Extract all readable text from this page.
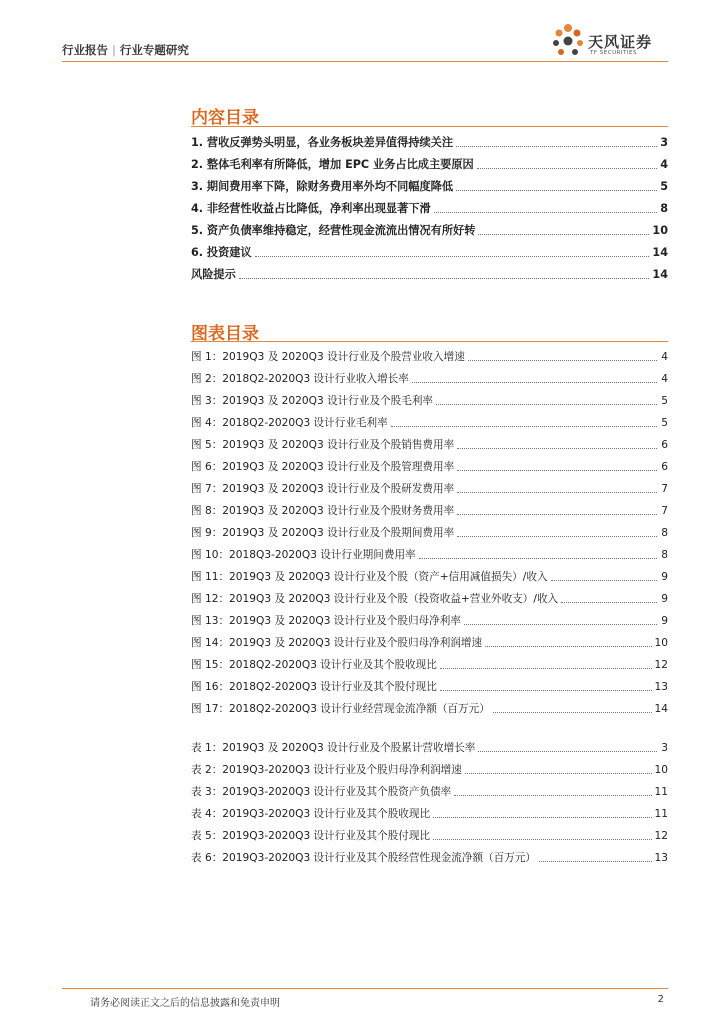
行业报告 | 行业专题研究	天风证券
TF SECURITIES
内容目录
1. 营收反弹势头明显，各业务板块差异值得持续关注	3
2. 整体毛利率有所降低，增加 EPC 业务占比成主要原因	4
3. 期间费用率下降，除财务费用率外均不同幅度降低	5
4. 非经营性收益占比降低，净利率出现显著下滑	8
5. 资产负债率维持稳定，经营性现金流流出情况有所好转	10
6. 投资建议	14
风险提示	14
图表目录
图 1：2019Q3 及 2020Q3 设计行业及个股营业收入增速	4
图 2：2018Q2-2020Q3 设计行业收入增长率	4
图 3：2019Q3 及 2020Q3 设计行业及个股毛利率	5
图 4：2018Q2-2020Q3 设计行业毛利率	5
图 5：2019Q3 及 2020Q3 设计行业及个股销售费用率	6
图 6：2019Q3 及 2020Q3 设计行业及个股管理费用率	6
图 7：2019Q3 及 2020Q3 设计行业及个股研发费用率	7
图 8：2019Q3 及 2020Q3 设计行业及个股财务费用率	7
图 9：2019Q3 及 2020Q3 设计行业及个股期间费用率	8
图 10：2018Q3-2020Q3 设计行业期间费用率	8
图 11：2019Q3 及 2020Q3 设计行业及个股（资产+信用减值损失）/收入	9
图 12：2019Q3 及 2020Q3 设计行业及个股（投资收益+营业外收支）/收入	9
图 13：2019Q3 及 2020Q3 设计行业及个股归母净利率	9
图 14：2019Q3 及 2020Q3 设计行业及个股归母净利润增速	10
图 15：2018Q2-2020Q3 设计行业及其个股收现比	12
图 16：2018Q2-2020Q3 设计行业及其个股付现比	13
图 17：2018Q2-2020Q3 设计行业经营现金流净额（百万元）	14
表 1：2019Q3 及 2020Q3 设计行业及个股累计营收增长率	3
表 2：2019Q3-2020Q3 设计行业及个股归母净利润增速	10
表 3：2019Q3-2020Q3 设计行业及其个股资产负债率	11
表 4：2019Q3-2020Q3 设计行业及其个股收现比	11
表 5：2019Q3-2020Q3 设计行业及其个股付现比	12
表 6：2019Q3-2020Q3 设计行业及其个股经营性现金流净额（百万元）	13
请务必阅读正文之后的信息披露和免责申明	2
